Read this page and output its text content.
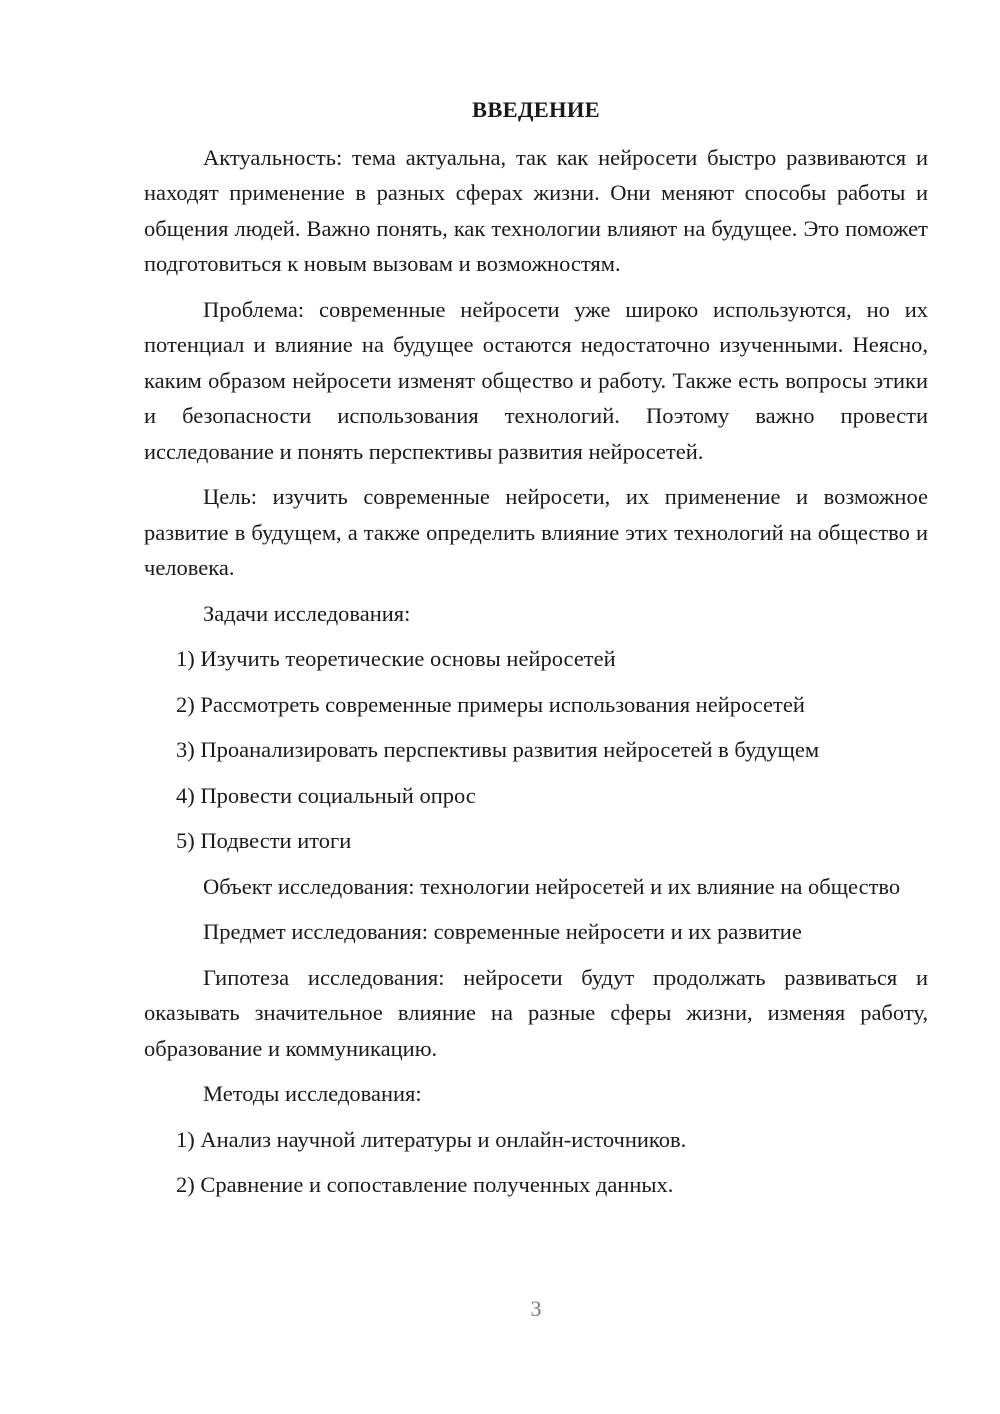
ВВЕДЕНИЕ

Актуальность: тема актуальна, так как нейросети быстро развиваются и находят применение в разных сферах жизни. Они меняют способы работы и общения людей. Важно понять, как технологии влияют на будущее. Это поможет подготовиться к новым вызовам и возможностям.

Проблема: современные нейросети уже широко используются, но их потенциал и влияние на будущее остаются недостаточно изученными. Неясно, каким образом нейросети изменят общество и работу. Также есть вопросы этики и безопасности использования технологий. Поэтому важно провести исследование и понять перспективы развития нейросетей.

Цель: изучить современные нейросети, их применение и возможное развитие в будущем, а также определить влияние этих технологий на общество и человека.

Задачи исследования:

1) Изучить теоретические основы нейросетей
2) Рассмотреть современные примеры использования нейросетей
3) Проанализировать перспективы развития нейросетей в будущем
4) Провести социальный опрос
5) Подвести итоги

Объект исследования: технологии нейросетей и их влияние на общество

Предмет исследования: современные нейросети и их развитие

Гипотеза исследования: нейросети будут продолжать развиваться и оказывать значительное влияние на разные сферы жизни, изменяя работу, образование и коммуникацию.

Методы исследования:

1) Анализ научной литературы и онлайн-источников.
2) Сравнение и сопоставление полученных данных.
3
